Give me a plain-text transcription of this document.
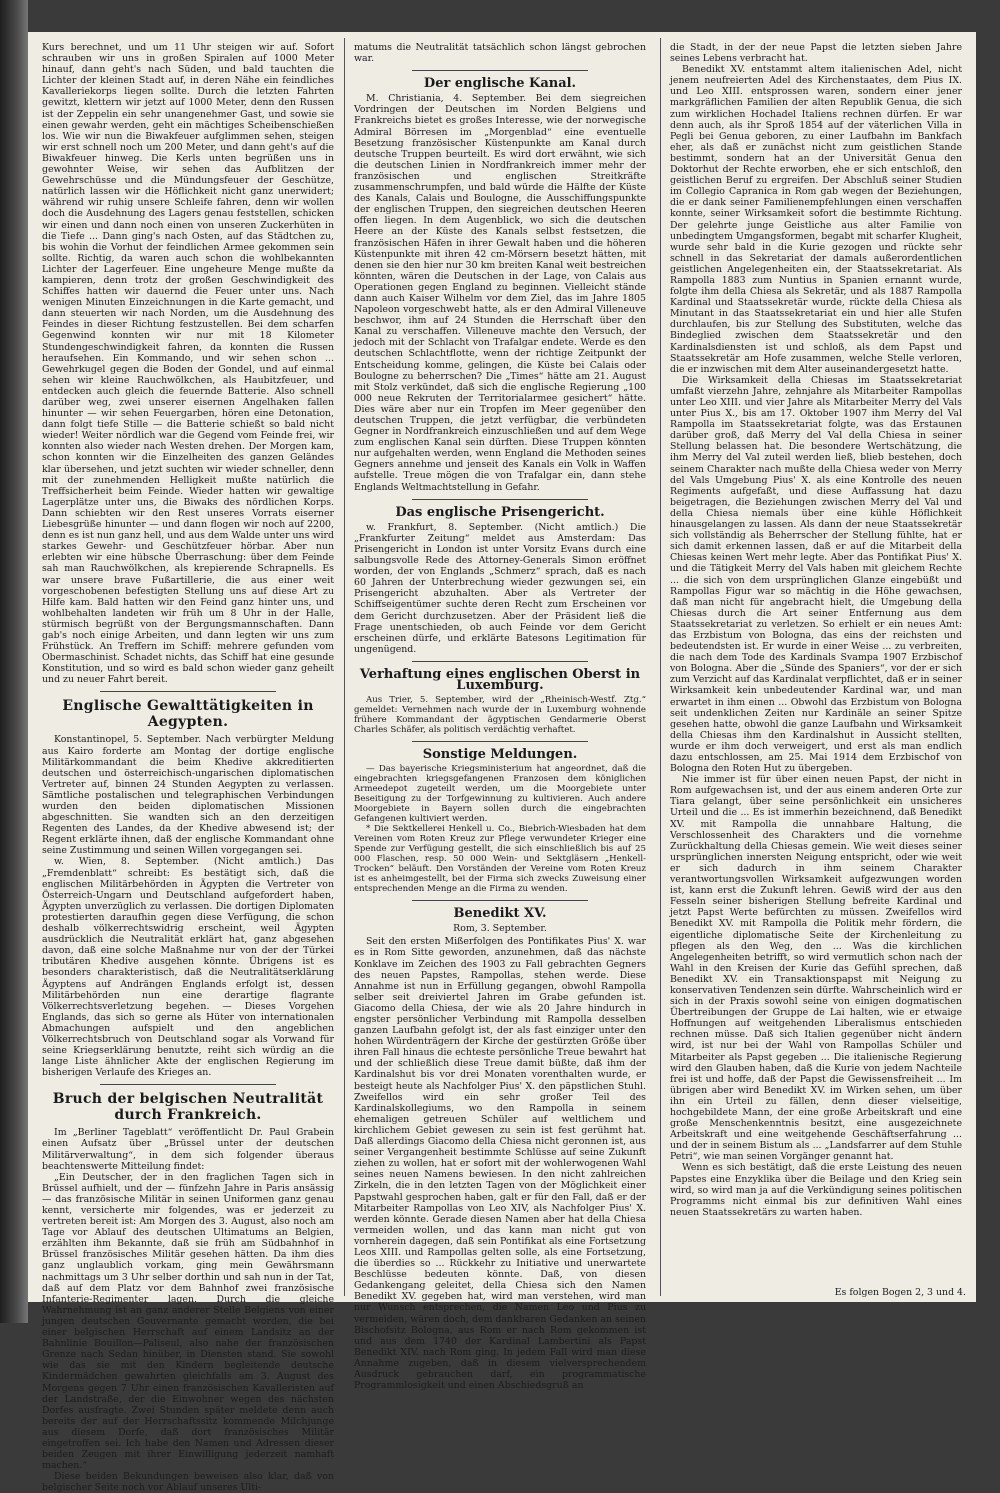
Kurs berechnet, und um 11 Uhr steigen wir auf. Sofort schrauben wir uns in großen Spiralen auf 1000 Meter hinauf, dann geht's nach Süden, und bald tauchten die Lichter der kleinen Stadt auf, in deren Nähe ein feindliches Kavalleriekorps liegen sollte. Durch die letzten Fahrten gewitzt, klettern wir jetzt auf 1000 Meter, denn den Russen ist der Zeppelin ein sehr unangenehmer Gast, und sowie sie einen gewahr werden, geht ein mächtiges Scheibenschießen los. Wie wir nun die Biwakfeuer aufglimmen sehen, steigen wir erst schnell noch um 200 Meter, und dann geht's auf die Biwakfeuer hinweg. Die Kerls unten begrüßen uns in gewohnter Weise, wir sehen das Aufblitzen der Gewehrschüsse und die Mündungsfeuer der Geschütze, natürlich lassen wir die Höflichkeit nicht ganz unerwidert; während wir ruhig unsere Schleife fahren, denn wir wollen doch die Ausdehnung des Lagers genau feststellen, schicken wir einen und dann noch einen von unseren Zuckerhüten in die Tiefe ... Dann ging's nach Osten, auf das Städtchen zu, bis wohin die Vorhut der feindlichen Armee gekommen sein sollte. Richtig, da waren auch schon die wohlbekannten Lichter der Lagerfeuer. Eine ungeheure Menge mußte da kampieren, denn trotz der großen Geschwindigkeit des Schiffes hatten wir dauernd die Feuer unter uns. Nach wenigen Minuten Einzeichnungen in die Karte gemacht, und dann steuerten wir nach Norden, um die Ausdehnung des Feindes in dieser Richtung festzustellen. Bei dem scharfen Gegenwind konnten wir nur mit 18 Kilometer Stundengeschwindigkeit fahren, da konnten die Russen heraufsehen. Ein Kommando, und wir sehen schon ... Gewehrkugel gegen die Boden der Gondel, und auf einmal sehen wir kleine Rauchwölkchen, als Haubitzfeuer, und entdecken auch gleich die feuernde Batterie. Also schnell darüber weg, zwei unserer eisernen Angelhaken fallen hinunter — wir sehen Feuergarben, hören eine Detonation, dann folgt tiefe Stille — die Batterie schießt so bald nicht wieder! Weiter nördlich war die Gegend vom Feinde frei, wir konnten also wieder nach Westen drehen. Der Morgen kam, schon konnten wir die Einzelheiten des ganzen Geländes klar übersehen, und jetzt suchten wir wieder schneller, denn mit der zunehmenden Helligkeit mußte natürlich die Treffsicherheit beim Feinde. Wieder hatten wir gewaltige Lagerplätze unter uns, die Biwaks des nördlichen Korps. Dann schiebten wir den Rest unseres Vorrats eiserner Liebesgrüße hinunter — und dann flogen wir noch auf 2200, denn es ist nun ganz hell, und aus dem Walde unter uns wird starkes Gewehr- und Geschützfeuer hörbar. Aber nun erlebten wir eine hübsche Überraschung: über dem Feinde sah man Rauchwölkchen, als krepierende Schrapnells. Es war unsere brave Fußartillerie, die aus einer weit vorgeschobenen befestigten Stellung uns auf diese Art zu Hilfe kam. Bald hatten wir den Feind ganz hinter uns, und wohlbehalten landeten wir früh um 8 Uhr in der Halle, stürmisch begrüßt von der Bergungsmannschaften. Dann gab's noch einige Arbeiten, und dann legten wir uns zum Frühstück. An Treffern im Schiff: mehrere gefunden vom Obermaschinist. Schadet nichts, das Schiff hat eine gesunde Konstitution, und so wird es bald schon wieder ganz geheilt und zu neuer Fahrt bereit.

Englische Gewalttätigkeiten in Aegypten.

Konstantinopel, 5. September. Nach verbürgter Meldung aus Kairo forderte am Montag der dortige englische Militärkommandant die beim Khedive akkreditierten deutschen und österreichisch-ungarischen diplomatischen Vertreter auf, binnen 24 Stunden Aegypten zu verlassen. Sämtliche postalischen und telegraphischen Verbindungen wurden den beiden diplomatischen Missionen abgeschnitten. Sie wandten sich an den derzeitigen Regenten des Landes, da der Khedive abwesend ist; der Regent erklärte ihnen, daß der englische Kommandant ohne seine Zustimmung und seinen Willen vorgegangen sei.

w. Wien, 8. September. (Nicht amtlich.) Das „Fremdenblatt“ schreibt: Es bestätigt sich, daß die englischen Militärbehörden in Ägypten die Vertreter von Österreich-Ungarn und Deutschland aufgefordert haben, Ägypten unverzüglich zu verlassen. Die dortigen Diplomaten protestierten daraufhin gegen diese Verfügung, die schon deshalb völkerrechtswidrig erscheint, weil Ägypten ausdrücklich die Neutralität erklärt hat, ganz abgesehen davon, daß eine solche Maßnahme nur von der der Türkei tributären Khedive ausgehen könnte. Übrigens ist es besonders charakteristisch, daß die Neutralitätserklärung Ägyptens auf Andrängen Englands erfolgt ist, dessen Militärbehörden nun eine derartige flagrante Völkerrechtsverletzung begehen. — Dieses Vorgehen Englands, das sich so gerne als Hüter von internationalen Abmachungen aufspielt und den angeblichen Völkerrechtsbruch von Deutschland sogar als Vorwand für seine Kriegserklärung benutzte, reiht sich würdig an die lange Liste ähnlicher Akte der englischen Regierung im bisherigen Verlaufe des Krieges an.

Bruch der belgischen Neutralität durch Frankreich.

Im „Berliner Tageblatt“ veröffentlicht Dr. Paul Grabein einen Aufsatz über „Brüssel unter der deutschen Militärverwaltung“, in dem sich folgender überaus beachtenswerte Mitteilung findet:

„Ein Deutscher, der in den fraglichen Tagen sich in Brüssel aufhielt, und der — fünfzehn Jahre in Paris ansässig — das französische Militär in seinen Uniformen ganz genau kennt, versicherte mir folgendes, was er jederzeit zu vertreten bereit ist: Am Morgen des 3. August, also noch am Tage vor Ablauf des deutschen Ultimatums an Belgien, erzählten ihm Bekannte, daß sie früh am Südbahnhof in Brüssel französisches Militär gesehen hätten. Da ihm dies ganz unglaublich vorkam, ging mein Gewährsmann nachmittags um 3 Uhr selber dorthin und sah nun in der Tat, daß auf dem Platz vor dem Bahnhof zwei französische Infanterie-Regimenter lagen. Durch die gleiche Wahrnehmung ist an ganz anderer Stelle Belgiens von einer jungen deutschen Gouvernante gemacht worden, die bei einer belgischen Herrschaft auf einem Landsitz an der Bahnlinie Bouillon—Paliseul, also nahe der französischen Grenze nach Sedan hinüber, in Diensten stand. Sie sowohl wie das sie mit den Kindern begleitende deutsche Kindermädchen gewahrten gleichfalls am 3. August des Morgens gegen 7 Uhr einen französischen Kavalleristen auf der Landstraße, der die Einwohner wegen des nächsten Dorfes ausfragte. Zwei Stunden später meldete denn auch bereits der auf der Herrschaftssitz kommende Milchjunge aus diesem Dorfe, daß dort französisches Militär eingetroffen sei. Ich habe den Namen und Adressen dieser beiden Zeugen mit ihrer Einwilligung jederzeit namhaft machen.“

Diese beiden Bekundungen beweisen also klar, daß von belgischer Seite noch vor Ablauf unseres Ulti-

matums die Neutralität tatsächlich schon längst gebrochen war.

Der englische Kanal.

M. Christiania, 4. September. Bei dem siegreichen Vordringen der Deutschen im Norden Belgiens und Frankreichs bietet es großes Interesse, wie der norwegische Admiral Börresen im „Morgenblad“ eine eventuelle Besetzung französischer Küstenpunkte am Kanal durch deutsche Truppen beurteilt. Es wird dort erwähnt, wie sich die deutschen Linien in Nordfrankreich immer mehr der französischen und englischen Streitkräfte zusammenschrumpfen, und bald würde die Hälfte der Küste des Kanals, Calais und Boulogne, die Ausschiffungspunkte der englischen Truppen, den siegreichen deutschen Heeren offen liegen. In dem Augenblick, wo sich die deutschen Heere an der Küste des Kanals selbst festsetzen, die französischen Häfen in ihrer Gewalt haben und die höheren Küstenpunkte mit ihren 42 cm-Mörsern besetzt hätten, mit denen sie den hier nur 30 km breiten Kanal weit bestreichen könnten, wären die Deutschen in der Lage, von Calais aus Operationen gegen England zu beginnen. Vielleicht stände dann auch Kaiser Wilhelm vor dem Ziel, das im Jahre 1805 Napoleon vorgeschwebt hatte, als er den Admiral Villeneuve beschwor, ihm auf 24 Stunden die Herrschaft über den Kanal zu verschaffen. Villeneuve machte den Versuch, der jedoch mit der Schlacht von Trafalgar endete. Werde es den deutschen Schlachtflotte, wenn der richtige Zeitpunkt der Entscheidung komme, gelingen, die Küste bei Calais oder Boulogne zu beherrschen? Die „Times“ hätte am 21. August mit Stolz verkündet, daß sich die englische Regierung „100 000 neue Rekruten der Territorialarmee gesichert“ hätte. Dies wäre aber nur ein Tropfen im Meer gegenüber den deutschen Truppen, die jetzt verfügbar, die verbündeten Gegner in Nordfrankreich einzuschließen und auf dem Wege zum englischen Kanal sein dürften. Diese Truppen könnten nur aufgehalten werden, wenn England die Methoden seines Gegners annehme und jenseit des Kanals ein Volk in Waffen aufstelle. Treue mögen die von Trafalgar ein, dann stehe Englands Weltmachtstellung in Gefahr.

Das englische Prisengericht.

w. Frankfurt, 8. September. (Nicht amtlich.) Die „Frankfurter Zeitung“ meldet aus Amsterdam: Das Prisengericht in London ist unter Vorsitz Evans durch eine salbungsvolle Rede des Attorney-Generals Simon eröffnet worden, der von Englands „Schmerz“ sprach, daß es nach 60 Jahren der Unterbrechung wieder gezwungen sei, ein Prisengericht abzuhalten. Aber als Vertreter der Schiffseigentümer suchte deren Recht zum Erscheinen vor dem Gericht durchzusetzen. Aber der Präsident ließ die Frage unentschieden, ob auch Feinde vor dem Gericht erscheinen dürfe, und erklärte Batesons Legitimation für ungenügend.

Verhaftung eines englischen Oberst in Luxemburg.

Aus Trier, 5. September, wird der „Rheinisch-Westf. Ztg.“ gemeldet: Vernehmen nach wurde der in Luxemburg wohnende frühere Kommandant der ägyptischen Gendarmerie Oberst Charles Schäfer, als politisch verdächtig verhaftet.

Sonstige Meldungen.

— Das bayerische Kriegsministerium hat angeordnet, daß die eingebrachten kriegsgefangenen Franzosen dem königlichen Armeedepot zugeteilt werden, um die Moorgebiete unter Beseitigung zu der Torfgewinnung zu kultivieren. Auch andere Moorgebiete in Bayern sollen durch die eingebrachten Gefangenen kultiviert werden.

* Die Sektkellerei Henkell u. Co., Biebrich-Wiesbaden hat dem Vereinen vom Roten Kreuz zur Pflege verwundeter Krieger eine Spende zur Verfügung gestellt, die sich einschließlich bis auf 25 000 Flaschen, resp. 50 000 Wein- und Sektgläsern „Henkell-Trocken“ beläuft. Den Vorständen der Vereine vom Roten Kreuz ist es anheimgestellt, bei der Firma sich zwecks Zuweisung einer entsprechenden Menge an die Firma zu wenden.

Benedikt XV.
Rom, 3. September.

Seit den ersten Mißerfolgen des Pontifikates Pius' X. war es in Rom Sitte geworden, anzunehmen, daß das nächste Konklave im Zeichen des 1903 zu Fall gebrachten Gegners des neuen Papstes, Rampollas, stehen werde. Diese Annahme ist nun in Erfüllung gegangen, obwohl Rampolla selber seit dreiviertel Jahren im Grabe gefunden ist. Giacomo della Chiesa, der wie als 20 Jahre hindurch in engster persönlicher Verbindung mit Rampolla desselben ganzen Laufbahn gefolgt ist, der als fast einziger unter den hohen Würdenträgern der Kirche der gestürzten Größe über ihren Fall hinaus die echteste persönliche Treue bewahrt hat und der schließlich diese Treue damit büßte, daß ihm der Kardinalshut bis vor drei Monaten vorenthalten wurde, er besteigt heute als Nachfolger Pius' X. den päpstlichen Stuhl. Zweifellos wird ein sehr großer Teil des Kardinalskollegiums, wo den Rampolla in seinem ehemaligen getreuen Schüler auf weltlichem und kirchlichem Gebiet gewesen zu sein ist fest gerühmt hat. Daß allerdings Giacomo della Chiesa nicht geronnen ist, aus seiner Vergangenheit bestimmte Schlüsse auf seine Zukunft ziehen zu wollen, hat er sofort mit der wohlerwogenen Wahl seines neuen Namens bewiesen. In den nicht zahlreichen Zirkeln, die in den letzten Tagen von der Möglichkeit einer Papstwahl gesprochen haben, galt er für den Fall, daß er der Mitarbeiter Rampollas von Leo XIV, als Nachfolger Pius' X. werden könnte. Gerade diesen Namen aber hat della Chiesa vermeiden wollen, und das kann man nicht gut von vornherein dagegen, daß sein Pontifikat als eine Fortsetzung Leos XIII. und Rampollas gelten solle, als eine Fortsetzung, die überdies so ... Rückkehr zu Initiative und unerwartete Beschlüsse bedeuten könnte. Daß, von diesen Gedankengang geleitet, della Chiesa sich den Namen Benedikt XV. gegeben hat, wird man verstehen, wird man nur Wunsch entsprechen, die Namen Leo und Pius zu vermeiden, wären doch, dem dankbaren Gedanken an seinen Bischofsitz Bologna, aus Rom er nach Rom gekommen ist und aus dem 1740 der Kardinal Lambertini als Papst Benedikt XIV. nach Rom ging. In jedem Fall wird man diese Annahme zugeben, daß in diesem vielversprechendem Ausdruck gebrauchen darf, ein programmatische Programmlosigkeit und einen Abschiedsgruß an

die Stadt, in der der neue Papst die letzten sieben Jahre seines Lebens verbracht hat.

Benedikt XV. entstammt altem italienischen Adel, nicht jenem neufreierten Adel des Kirchenstaates, dem Pius IX. und Leo XIII. entsprossen waren, sondern einer jener markgräflichen Familien der alten Republik Genua, die sich zum wirklichen Hochadel Italiens rechnen dürfen. Er war denn auch, als ihr Sproß 1854 auf der väterlichen Villa in Pegli bei Genua geboren, zu einer Laufbahn im Bankfach eher, als daß er zunächst nicht zum geistlichen Stande bestimmt, sondern hat an der Universität Genua den Doktorhut der Rechte erworben, ehe er sich entschloß, den geistlichen Beruf zu ergreifen. Der Abschluß seiner Studien im Collegio Capranica in Rom gab wegen der Beziehungen, die er dank seiner Familienempfehlungen einen verschaffen konnte, seiner Wirksamkeit sofort die bestimmte Richtung. Der gelehrte junge Geistliche aus alter Familie von unbedingtem Umgangsformen, begabt mit scharfer Klugheit, wurde sehr bald in die Kurie gezogen und rückte sehr schnell in das Sekretariat der damals außerordentlichen geistlichen Angelegenheiten ein, der Staatssekretariat. Als Rampolla 1883 zum Nuntius in Spanien ernannt wurde, folgte ihm della Chiesa als Sekretär, und als 1887 Rampolla Kardinal und Staatssekretär wurde, rückte della Chiesa als Minutant in das Staatssekretariat ein und hier alle Stufen durchlaufen, bis zur Stellung des Substituten, welche das Bindeglied zwischen dem Staatssekretär und den Kardinalsdiensten ist und schloß, als dem Papst und Staatssekretär am Hofe zusammen, welche Stelle verloren, die er inzwischen mit dem Alter auseinandergesetzt hatte.

Die Wirksamkeit della Chiesas im Staatssekretariat umfaßt vierzehn Jahre, zehnjahre als Mitarbeiter Rampollas unter Leo XIII. und vier Jahre als Mitarbeiter Merry del Vals unter Pius X., bis am 17. Oktober 1907 ihm Merry del Val Rampolla im Staatssekretariat folgte, was das Erstaunen darüber groß, daß Merry del Val della Chiesa in seiner Stellung belassen hat. Die besondere Wertschätzung, die ihm Merry del Val zuteil werden ließ, blieb bestehen, doch seinem Charakter nach mußte della Chiesa weder von Merry del Vals Umgebung Pius' X. als eine Kontrolle des neuen Regiments aufgefaßt, und diese Auffassung hat dazu beigetragen, die Beziehungen zwischen Merry del Val und della Chiesa niemals über eine kühle Höflichkeit hinausgelangen zu lassen. Als dann der neue Staatssekretär sich vollständig als Beherrscher der Stellung fühlte, hat er sich damit erkennen lassen, daß er auf die Mitarbeit della Chiesas keinen Wert mehr legte. Aber das Pontifikat Pius' X. und die Tätigkeit Merry del Vals haben mit gleichem Rechte ... die sich von dem ursprünglichen Glanze eingebüßt und Rampollas Figur war so mächtig in die Höhe gewachsen, daß man nicht für angebracht hielt, die Umgebung della Chiesas durch die Art seiner Entfernung aus dem Staatssekretariat zu verletzen. So erhielt er ein neues Amt: das Erzbistum von Bologna, das eins der reichsten und bedeutendsten ist. Er wurde in einer Weise ... zu verbreiten, die nach dem Tode des Kardinals Svampa 1907 Erzbischof von Bologna. Aber die „Sünde des Spaniers“, vor der er sich zum Verzicht auf das Kardinalat verpflichtet, daß er in seiner Wirksamkeit kein unbedeutender Kardinal war, und man erwartet in ihm einen ... Obwohl das Erzbistum von Bologna seit undenklichen Zeiten nur Kardinäle an seiner Spitze gesehen hatte, obwohl die ganze Laufbahn und Wirksamkeit della Chiesas ihm den Kardinalshut in Aussicht stellten, wurde er ihm doch verweigert, und erst als man endlich dazu entschlossen, am 25. Mai 1914 dem Erzbischof von Bologna den Roten Hut zu übergeben.

Nie immer ist für über einen neuen Papst, der nicht in Rom aufgewachsen ist, und der aus einem anderen Orte zur Tiara gelangt, über seine persönlichkeit ein unsicheres Urteil und die ... Es ist immerhin bezeichnend, daß Benedikt XV. mit Rampolla die unnahbare Haltung, die Verschlossenheit des Charakters und die vornehme Zurückhaltung della Chiesas gemein. Wie weit dieses seiner ursprünglichen innersten Neigung entspricht, oder wie weit er sich dadurch in ihm seinem Charakter verantwortungsvollen Wirksamkeit aufgezwungen worden ist, kann erst die Zukunft lehren. Gewiß wird der aus den Fesseln seiner bisherigen Stellung befreite Kardinal und jetzt Papst Werte befürchten zu müssen. Zweifellos wird Benedikt XV. mit Rampolla die Politik mehr fördern, die eigentliche diplomatische Seite der Kirchenleitung zu pflegen als den Weg, den ... Was die kirchlichen Angelegenheiten betrifft, so wird vermutlich schon nach der Wahl in den Kreisen der Kurie das Gefühl sprechen, daß Benedikt XV. ein Transaktionspapst mit Neigung zu konservativen Tendenzen sein dürfte. Wahrscheinlich wird er sich in der Praxis sowohl seine von einigen dogmatischen Übertreibungen der Gruppe de Lai halten, wie er etwaige Hoffnungen auf weitgehenden Liberalismus entschieden rechnen müsse. Daß sich Italien gegenüber nicht ändern wird, ist nur bei der Wahl von Rampollas Schüler und Mitarbeiter als Papst gegeben ... Die italienische Regierung wird den Glauben haben, daß die Kurie von jedem Nachteile frei ist und hoffe, daß der Papst die Gewissensfreiheit ... Im übrigen aber wird Benedikt XV. im Wirken sehen, um über ihn ein Urteil zu fällen, denn dieser vielseitige, hochgebildete Mann, der eine große Arbeitskraft und eine große Menschenkenntnis besitzt, eine ausgezeichnete Arbeitskraft und eine weitgehende Geschäftserfahrung ... und der in seinem Bistum als ... „Landsfarrer auf dem Stuhle Petri“, wie man seinen Vorgänger genannt hat.

Wenn es sich bestätigt, daß die erste Leistung des neuen Papstes eine Enzyklika über die Beilage und den Krieg sein wird, so wird man ja auf die Verkündigung seines politischen Programms nicht einmal bis zur definitiven Wahl eines neuen Staatssekretärs zu warten haben.

Es folgen Bogen 2, 3 und 4.
